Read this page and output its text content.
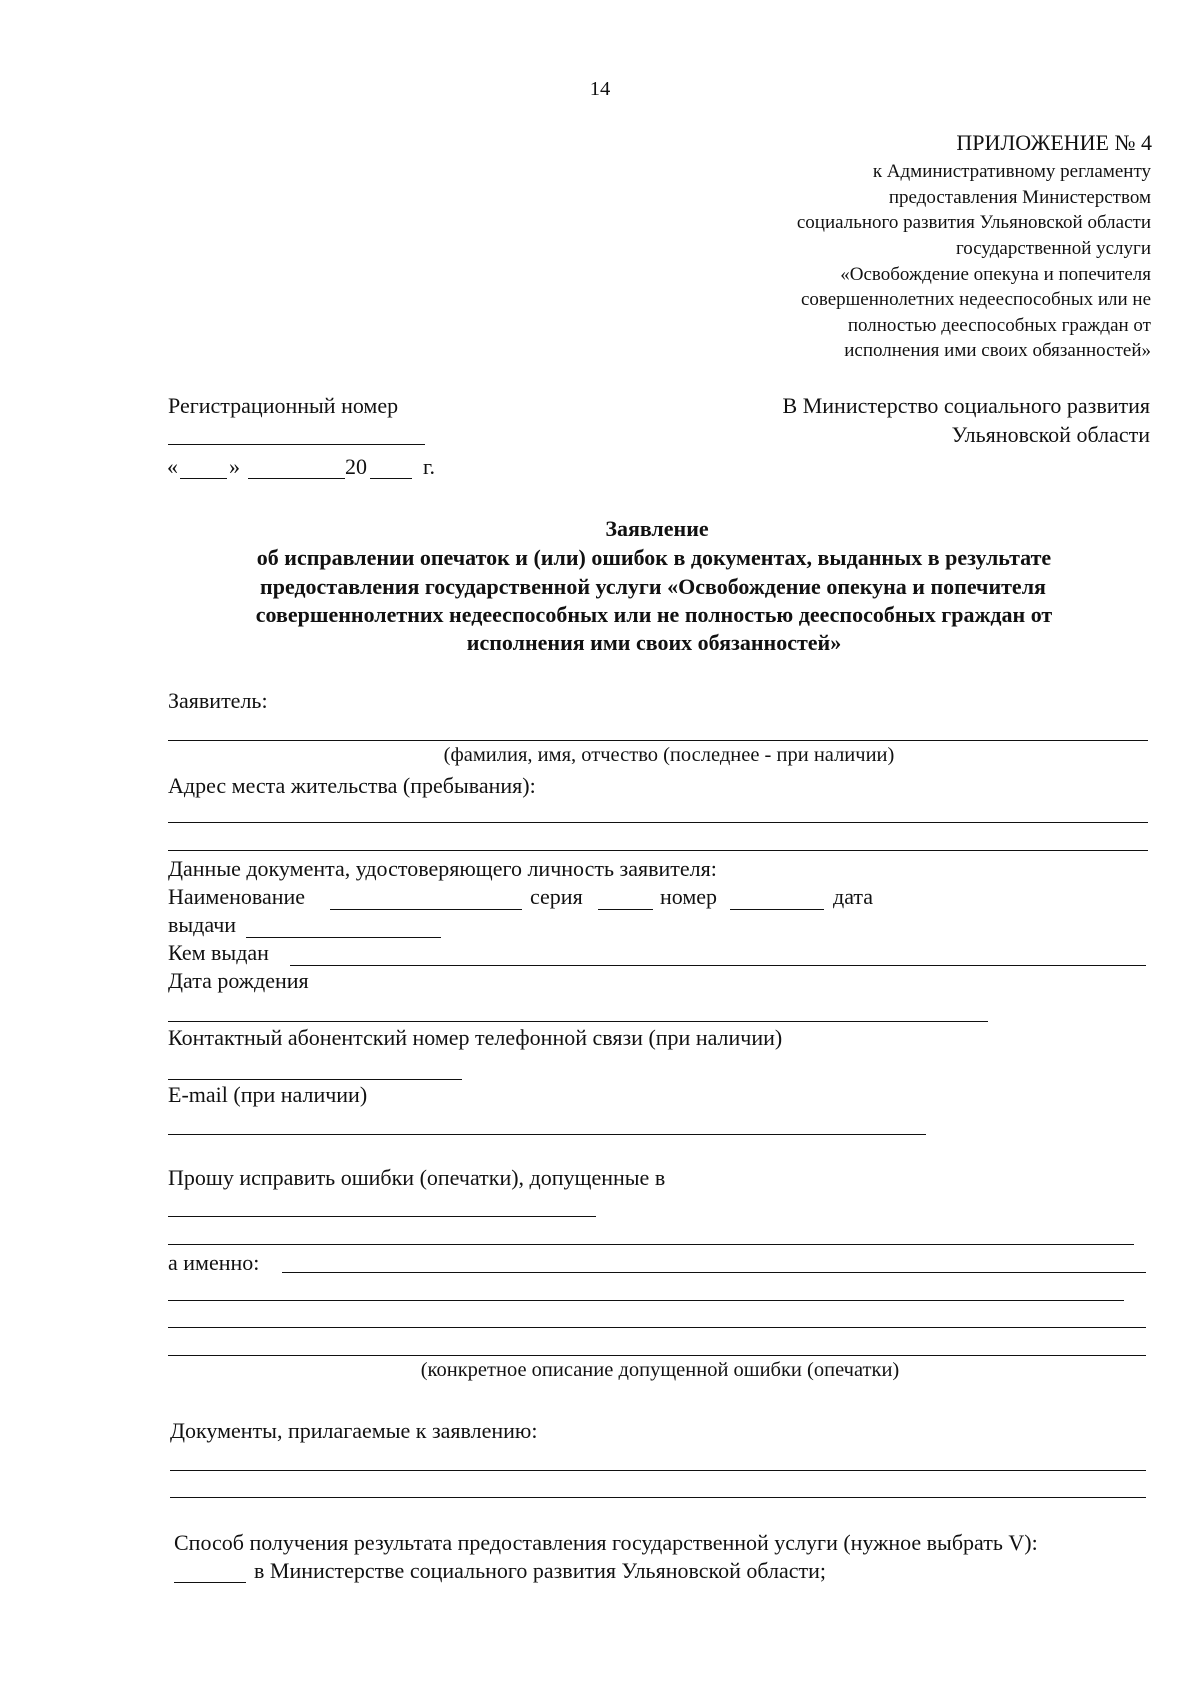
14
ПРИЛОЖЕНИЕ № 4
к Административному регламенту
предоставления Министерством
социального развития Ульяновской области
государственной услуги
«Освобождение опекуна и попечителя
совершеннолетних недееспособных или не
полностью дееспособных граждан от
исполнения ими своих обязанностей»
Регистрационный номер
« »	20	г.
В Министерство социального развития
Ульяновской области
Заявление
об исправлении опечаток и (или) ошибок в документах, выданных в результате
предоставления государственной услуги «Освобождение опекуна и попечителя
совершеннолетних недееспособных или не полностью дееспособных граждан от
исполнения ими своих обязанностей»
Заявитель:
(фамилия, имя, отчество (последнее - при наличии)
Адрес места жительства (пребывания):
Данные документа, удостоверяющего личность заявителя:
Наименование	серия	номер	дата
выдачи
Кем выдан
Дата рождения
Контактный абонентский номер телефонной связи (при наличии)
E-mail (при наличии)
Прошу исправить ошибки (опечатки), допущенные в
а именно:
(конкретное описание допущенной ошибки (опечатки)
Документы, прилагаемые к заявлению:
Способ получения результата предоставления государственной услуги (нужное выбрать V):
в Министерстве социального развития Ульяновской области;
